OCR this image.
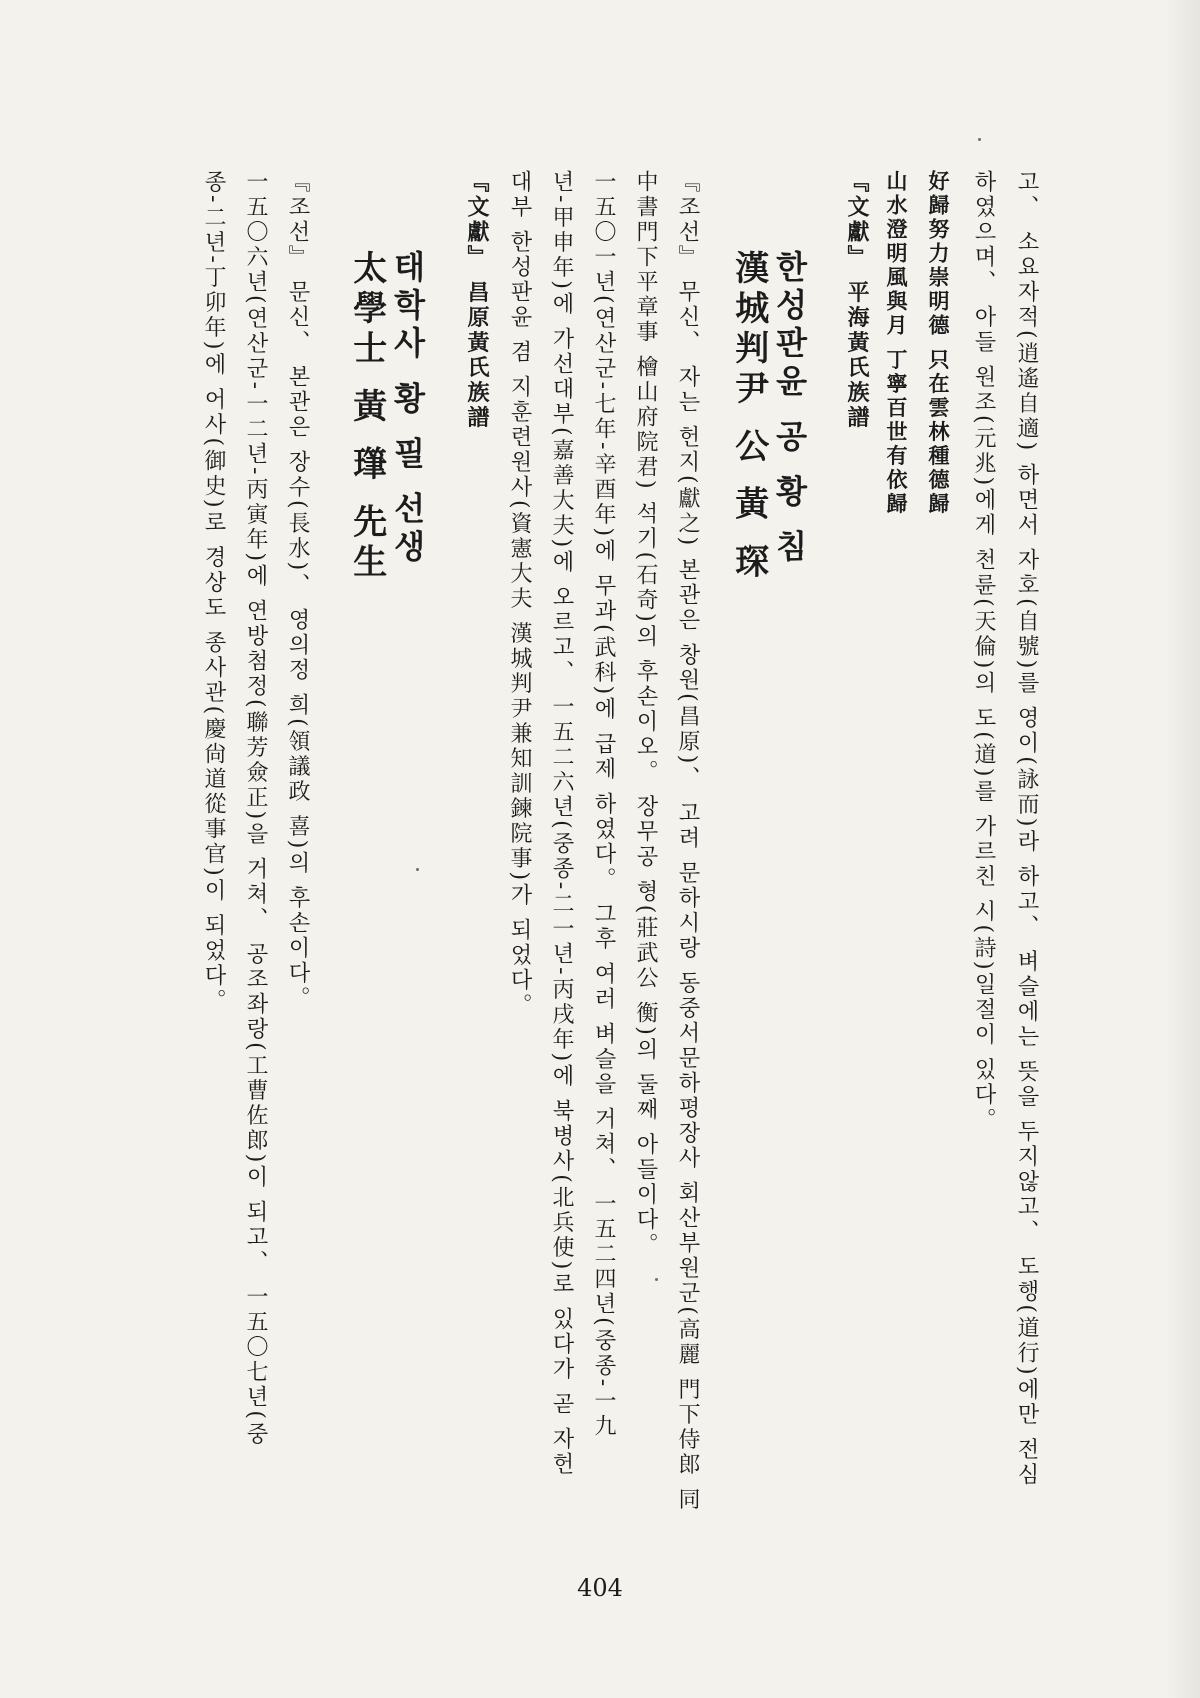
고、 소요자적(逍遙自適) 하면서 자호(自號)를 영이(詠而)라 하고、 벼슬에는 뜻을 두지않고、 도행(道行)에만 전심
하였으며、 아들 원조(元兆)에게 천륜(天倫)의 도(道)를 가르친 시(詩)일절이 있다。
好歸努力崇明德 只在雲林種德歸
山水澄明風與月 丁寧百世有依歸
『文獻』 平海黃氏族譜
한성판윤 공 황 침
漢城判尹 公 黃 琛
『조선』 무신、 자는 헌지(獻之) 본관은 창원(昌原)、 고려 문하시랑 동중서문하평장사 회산부원군(高麗 門下侍郎 同
中書門下平章事 檜山府院君) 석기(石奇)의 후손이오。 장무공 형(莊武公 衡)의 둘째 아들이다。
一五〇一년(연산군-七年-辛酉年)에 무과(武科)에 급제 하였다。 그후 여러 벼슬을 거쳐、 一五二四년(중종-一九
년-甲申年)에 가선대부(嘉善大夫)에 오르고、 一五二六년(중종-二一년-丙戌年)에 북병사(北兵使)로 있다가 곧 자헌
대부 한성판윤 겸 지훈련원사(資憲大夫 漢城判尹兼知訓鍊院事)가 되었다。
『文獻』 昌原黃氏族譜
태학사 황 필 선생
太學士 黃 㻶 先生
『조선』 문신、 본관은 장수(長水)、 영의정 희(領議政 喜)의 후손이다。
一五〇六년(연산군-一二년-丙寅年)에 연방첨정(聯芳僉正)을 거쳐、 공조좌랑(工曹佐郎)이 되고、 一五〇七년(중
종-二년-丁卯年)에 어사(御史)로 경상도 종사관(慶尙道從事官)이 되었다。
404
